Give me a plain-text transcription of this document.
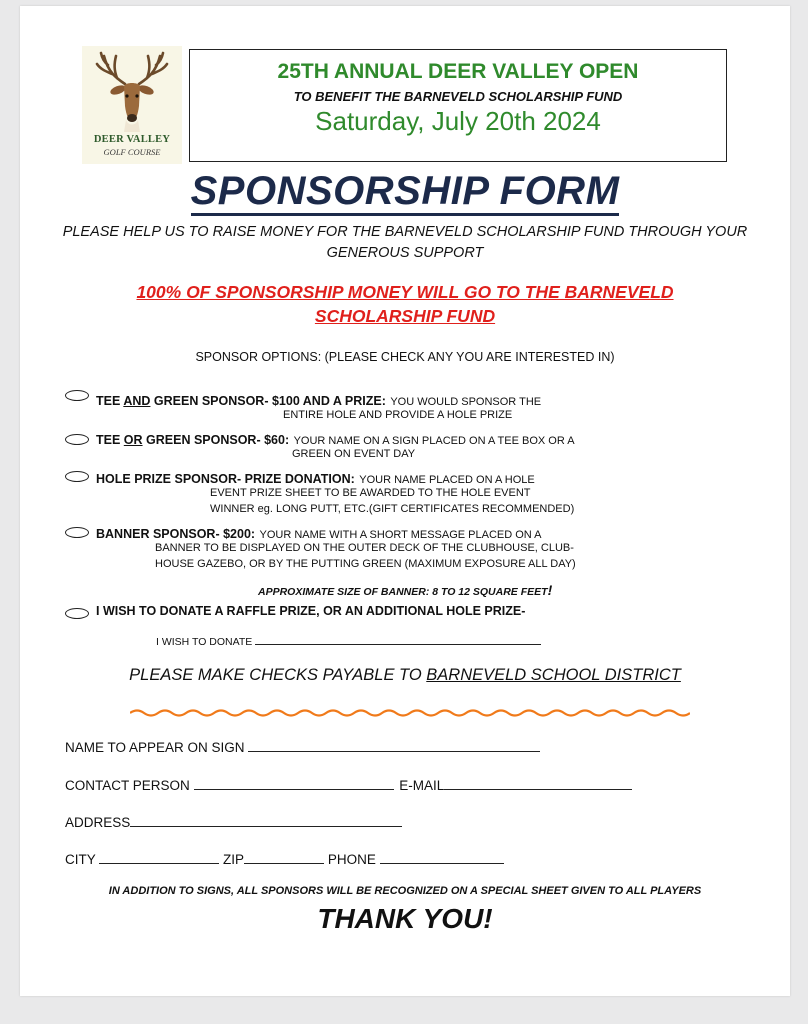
DEER VALLEY
GOLF COURSE
25TH ANNUAL DEER VALLEY OPEN
TO BENEFIT THE BARNEVELD SCHOLARSHIP FUND
Saturday, July 20th 2024
SPONSORSHIP FORM
PLEASE HELP US TO RAISE MONEY FOR THE BARNEVELD SCHOLARSHIP FUND THROUGH YOUR GENEROUS SUPPORT
100% OF SPONSORSHIP MONEY WILL GO TO THE BARNEVELD
SCHOLARSHIP FUND
SPONSOR OPTIONS: (PLEASE CHECK ANY YOU ARE INTERESTED IN)
TEE AND GREEN SPONSOR- $100 AND A PRIZE: YOU WOULD SPONSOR THE
ENTIRE HOLE AND PROVIDE A HOLE PRIZE
TEE OR GREEN SPONSOR- $60: YOUR NAME ON A SIGN PLACED ON A TEE BOX OR A
GREEN ON EVENT DAY
HOLE PRIZE SPONSOR- PRIZE DONATION: YOUR NAME PLACED ON A HOLE
EVENT PRIZE SHEET TO BE AWARDED TO THE HOLE EVENT
WINNER eg. LONG PUTT, ETC.(GIFT CERTIFICATES RECOMMENDED)
BANNER SPONSOR- $200: YOUR NAME WITH A SHORT MESSAGE PLACED ON A
BANNER TO BE DISPLAYED ON THE OUTER DECK OF THE CLUBHOUSE, CLUB-
HOUSE GAZEBO, OR BY THE PUTTING GREEN (MAXIMUM EXPOSURE ALL DAY)
APPROXIMATE SIZE OF BANNER: 8 TO 12 SQUARE FEET!
I WISH TO DONATE A RAFFLE PRIZE, OR AN ADDITIONAL HOLE PRIZE-
I WISH TO DONATE
PLEASE MAKE CHECKS PAYABLE TO BARNEVELD SCHOOL DISTRICT
NAME TO APPEAR ON SIGN
CONTACT PERSON	E-MAIL
ADDRESS
CITY	ZIP	PHONE
IN ADDITION TO SIGNS, ALL SPONSORS WILL BE RECOGNIZED ON A SPECIAL SHEET GIVEN TO ALL PLAYERS
THANK YOU!
